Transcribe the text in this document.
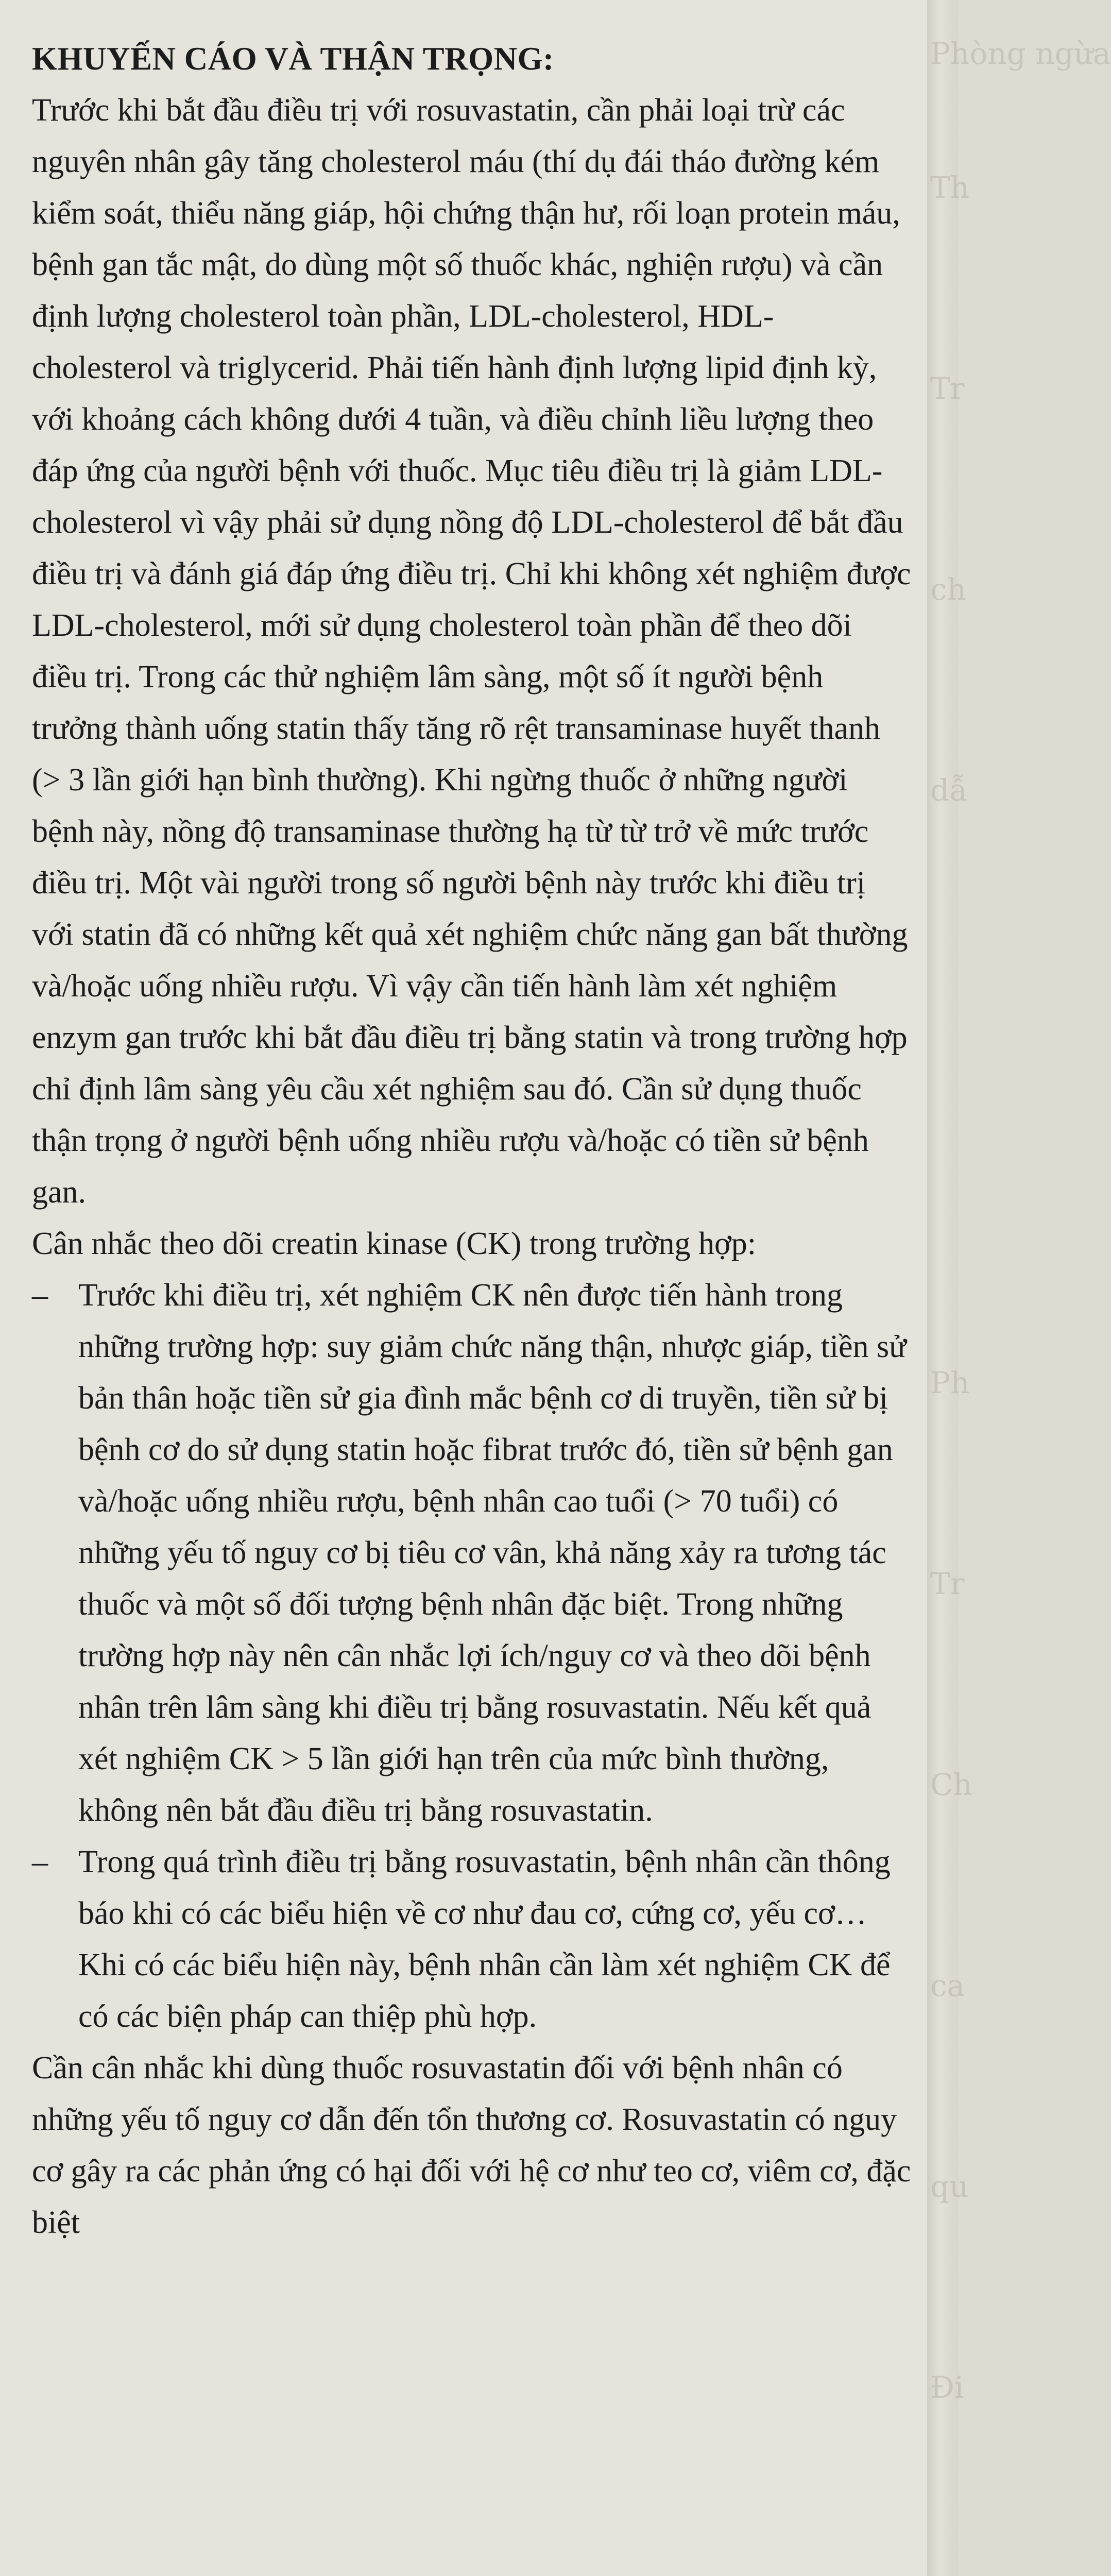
KHUYẾN CÁO VÀ THẬN TRỌNG:

Trước khi bắt đầu điều trị với rosuvastatin, cần phải loại trừ các nguyên nhân gây tăng cholesterol máu (thí dụ đái tháo đường kém kiểm soát, thiểu năng giáp, hội chứng thận hư, rối loạn protein máu, bệnh gan tắc mật, do dùng một số thuốc khác, nghiện rượu) và cần định lượng cholesterol toàn phần, LDL-cholesterol, HDL-cholesterol và triglycerid. Phải tiến hành định lượng lipid định kỳ, với khoảng cách không dưới 4 tuần, và điều chỉnh liều lượng theo đáp ứng của người bệnh với thuốc. Mục tiêu điều trị là giảm LDL-cholesterol vì vậy phải sử dụng nồng độ LDL-cholesterol để bắt đầu điều trị và đánh giá đáp ứng điều trị. Chỉ khi không xét nghiệm được LDL-cholesterol, mới sử dụng cholesterol toàn phần để theo dõi điều trị. Trong các thử nghiệm lâm sàng, một số ít người bệnh trưởng thành uống statin thấy tăng rõ rệt transaminase huyết thanh (> 3 lần giới hạn bình thường). Khi ngừng thuốc ở những người bệnh này, nồng độ transaminase thường hạ từ từ trở về mức trước điều trị. Một vài người trong số người bệnh này trước khi điều trị với statin đã có những kết quả xét nghiệm chức năng gan bất thường và/hoặc uống nhiều rượu. Vì vậy cần tiến hành làm xét nghiệm enzym gan trước khi bắt đầu điều trị bằng statin và trong trường hợp chỉ định lâm sàng yêu cầu xét nghiệm sau đó. Cần sử dụng thuốc thận trọng ở người bệnh uống nhiều rượu và/hoặc có tiền sử bệnh gan.

Cân nhắc theo dõi creatin kinase (CK) trong trường hợp:

– Trước khi điều trị, xét nghiệm CK nên được tiến hành trong những trường hợp: suy giảm chức năng thận, nhược giáp, tiền sử bản thân hoặc tiền sử gia đình mắc bệnh cơ di truyền, tiền sử bị bệnh cơ do sử dụng statin hoặc fibrat trước đó, tiền sử bệnh gan và/hoặc uống nhiều rượu, bệnh nhân cao tuổi (> 70 tuổi) có những yếu tố nguy cơ bị tiêu cơ vân, khả năng xảy ra tương tác thuốc và một số đối tượng bệnh nhân đặc biệt. Trong những trường hợp này nên cân nhắc lợi ích/nguy cơ và theo dõi bệnh nhân trên lâm sàng khi điều trị bằng rosuvastatin. Nếu kết quả xét nghiệm CK > 5 lần giới hạn trên của mức bình thường, không nên bắt đầu điều trị bằng rosuvastatin.
– Trong quá trình điều trị bằng rosuvastatin, bệnh nhân cần thông báo khi có các biểu hiện về cơ như đau cơ, cứng cơ, yếu cơ…Khi có các biểu hiện này, bệnh nhân cần làm xét nghiệm CK để có các biện pháp can thiệp phù hợp.

Cần cân nhắc khi dùng thuốc rosuvastatin đối với bệnh nhân có những yếu tố nguy cơ dẫn đến tổn thương cơ. Rosuvastatin có nguy cơ gây ra các phản ứng có hại đối với hệ cơ như teo cơ, viêm cơ, đặc biệt

Phòng ngừa
Th
Tr
ch
dẫ
Ph
Tr
Ch
ca
qu
Đi
